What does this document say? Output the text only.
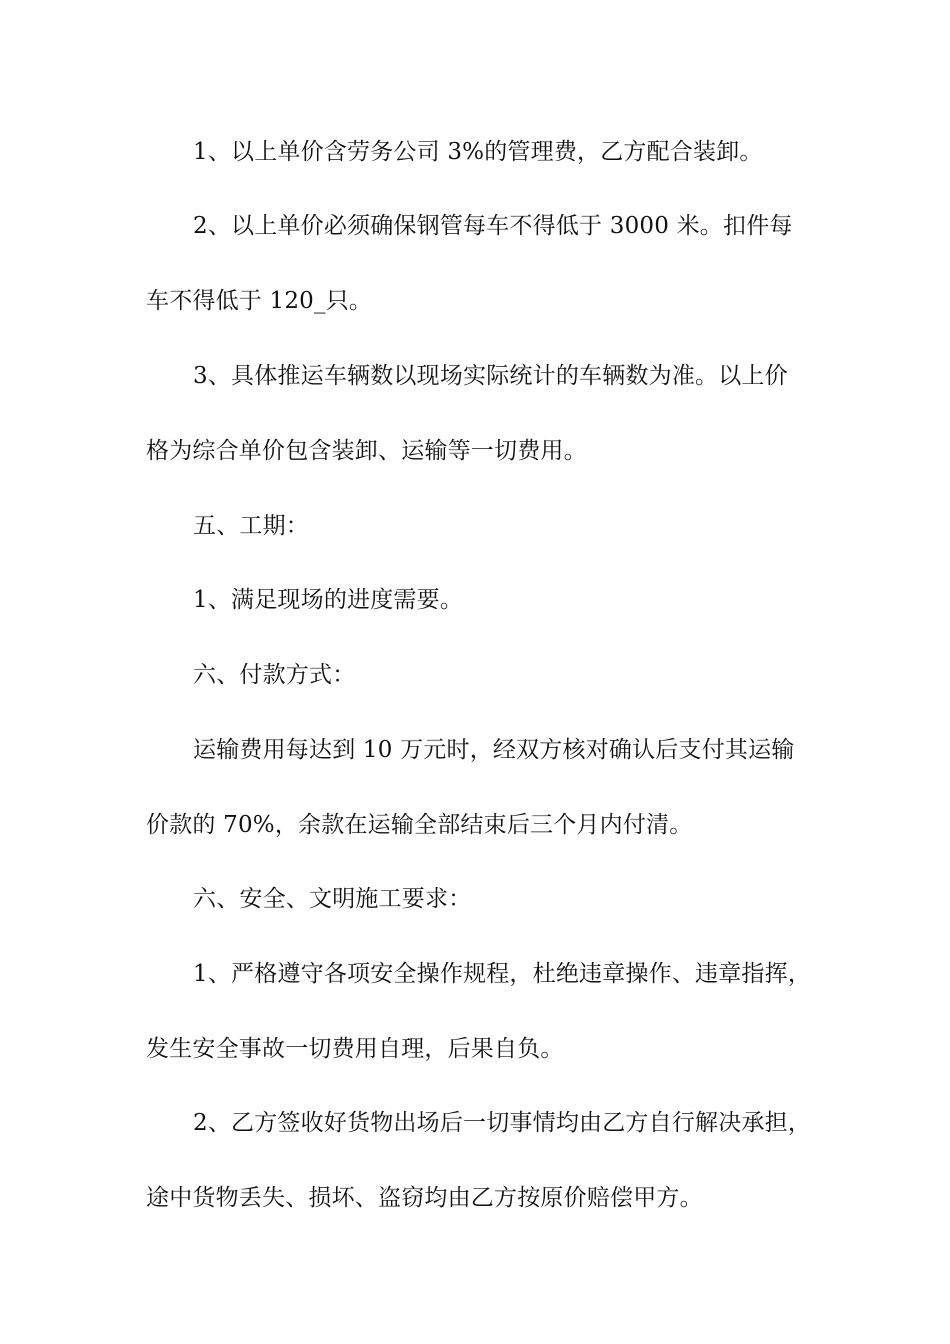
1、以上单价含劳务公司 3%的管理费，乙方配合装卸。
2、以上单价必须确保钢管每车不得低于 3000 米。扣件每
车不得低于 120_只。
3、具体推运车辆数以现场实际统计的车辆数为准。以上价
格为综合单价包含装卸、运输等一切费用。
五、工期：
1、满足现场的进度需要。
六、付款方式：
运输费用每达到 10 万元时，经双方核对确认后支付其运输
价款的 70%，余款在运输全部结束后三个月内付清。
六、安全、文明施工要求：
1、严格遵守各项安全操作规程，杜绝违章操作、违章指挥，
发生安全事故一切费用自理，后果自负。
2、乙方签收好货物出场后一切事情均由乙方自行解决承担，
途中货物丢失、损坏、盗窃均由乙方按原价赔偿甲方。
